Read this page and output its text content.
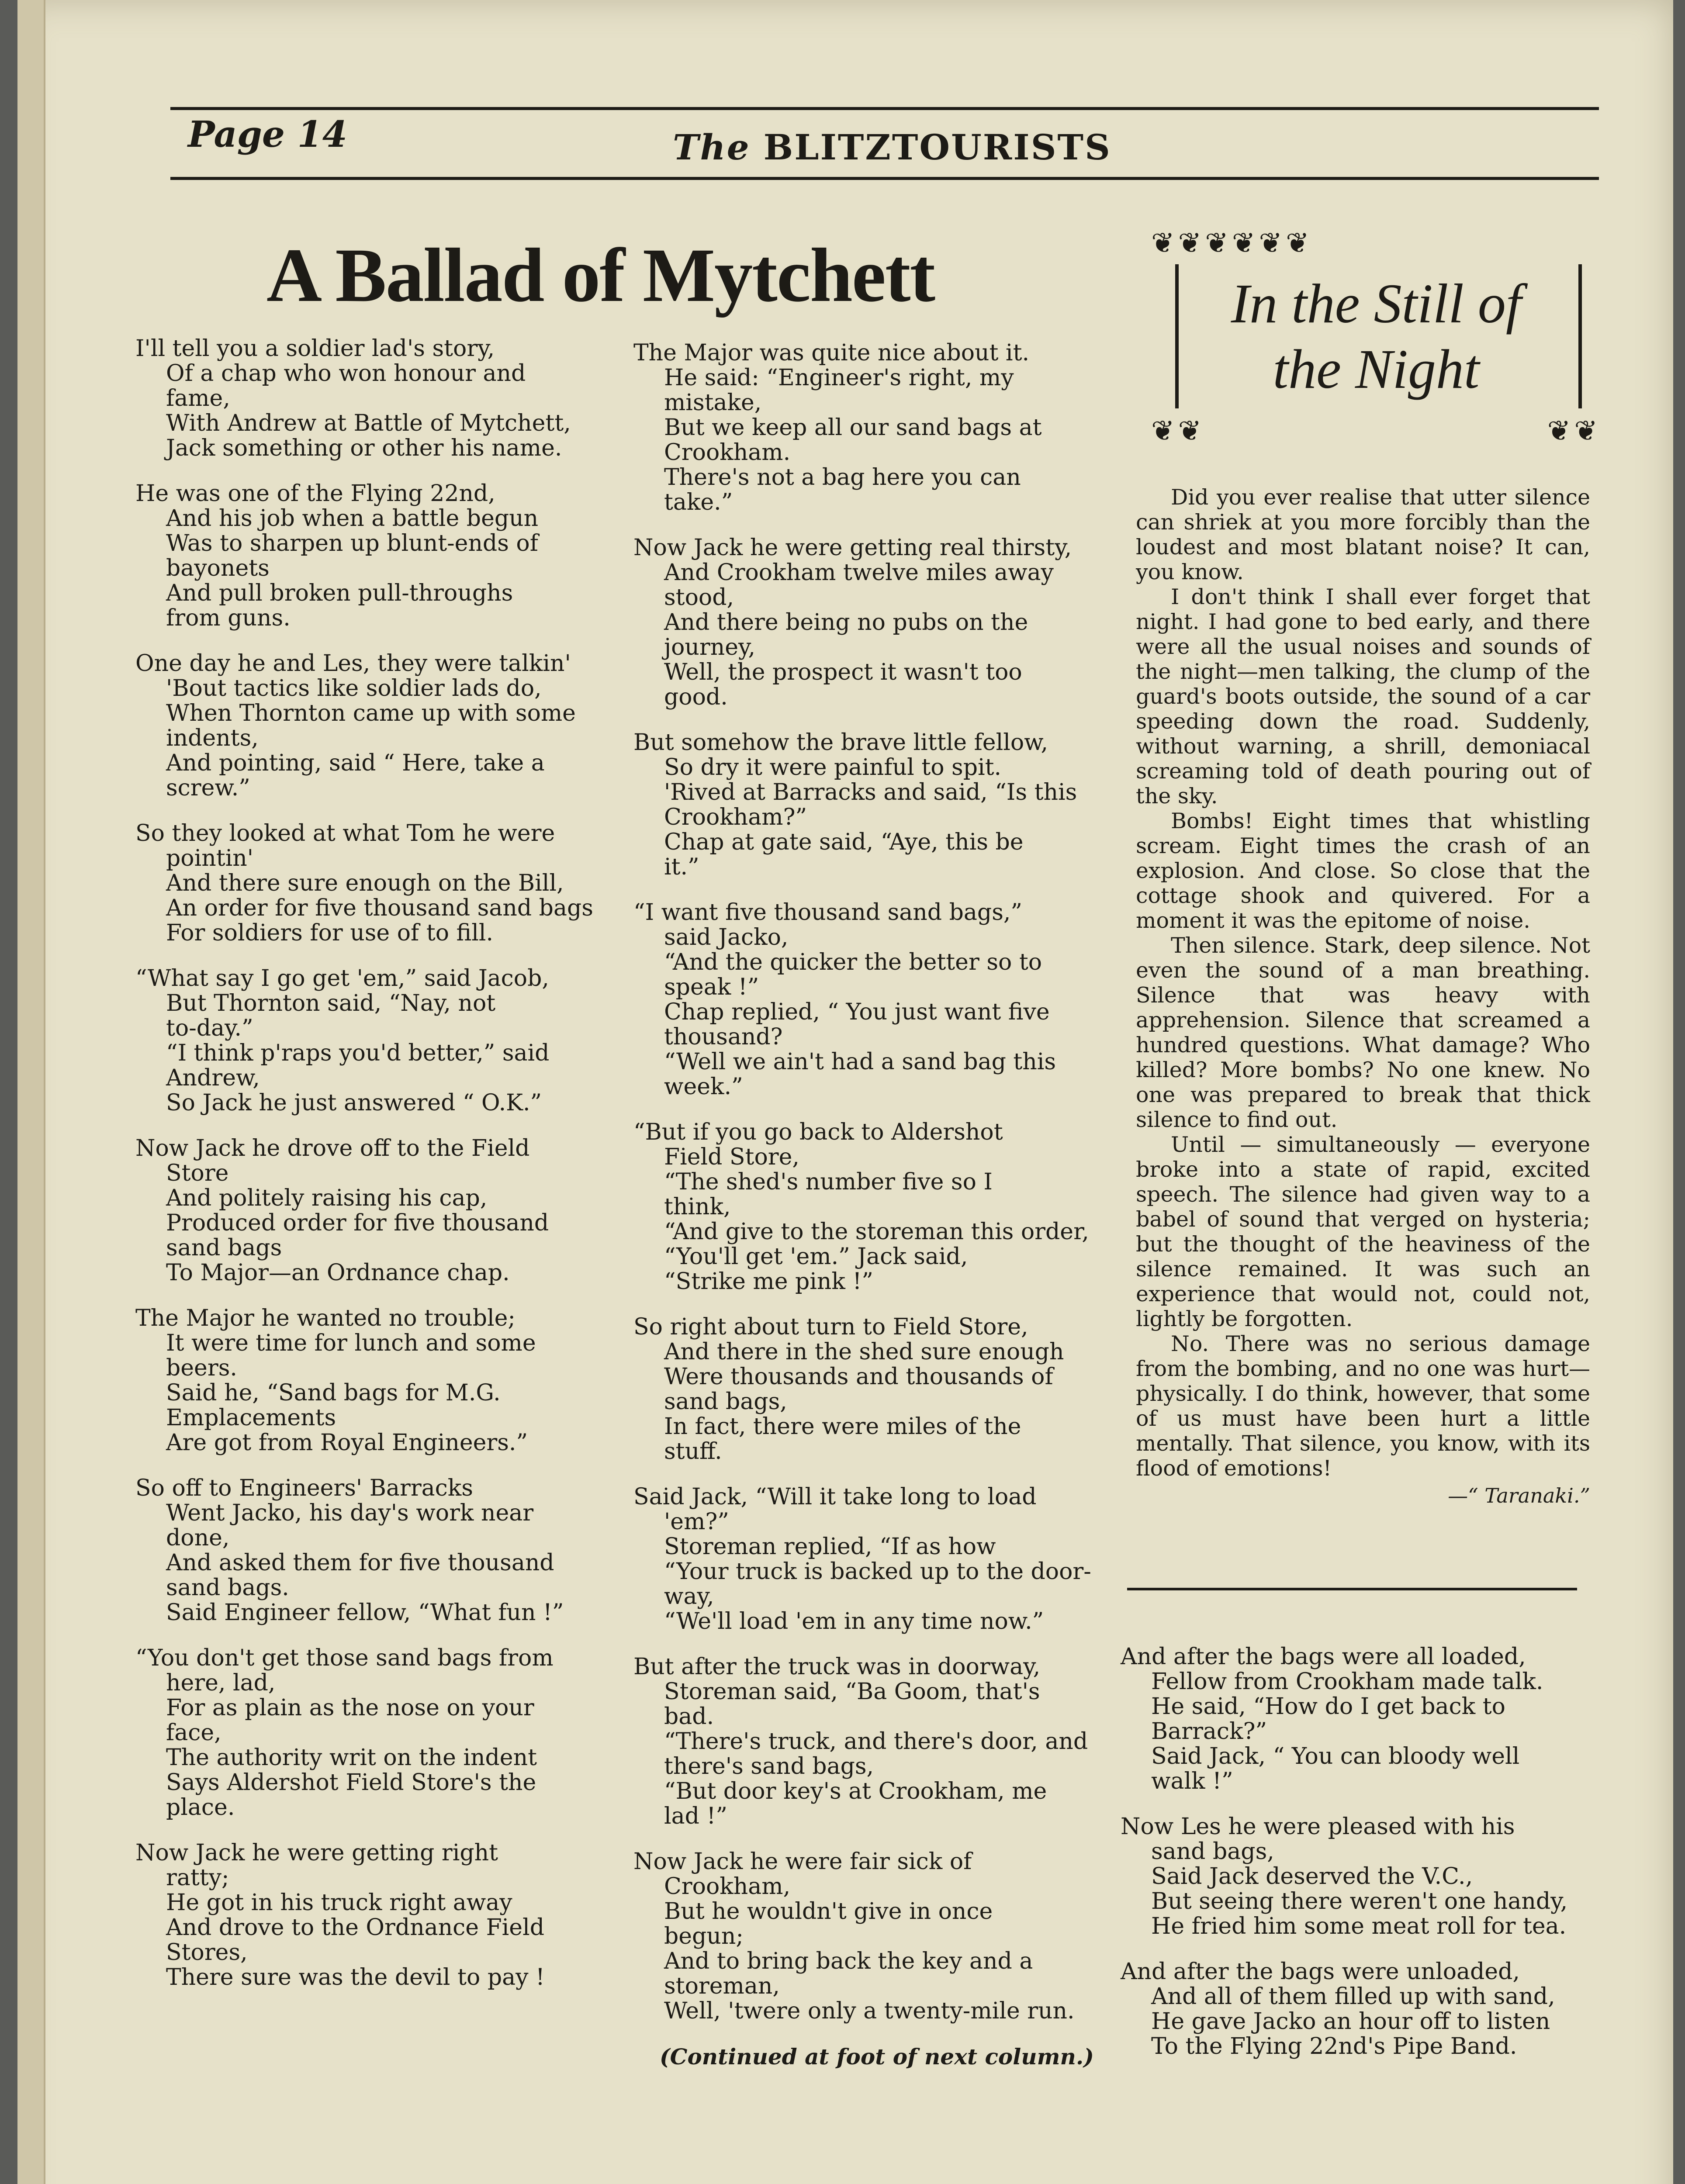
Page 14	The BLITZTOURISTS
A Ballad of Mytchett
I'll tell you a soldier lad's story,
Of a chap who won honour and
fame,
With Andrew at Battle of Mytchett,
Jack something or other his name.
He was one of the Flying 22nd,
And his job when a battle begun
Was to sharpen up blunt-ends of
bayonets
And pull broken pull-throughs
from guns.
One day he and Les, they were talkin'
'Bout tactics like soldier lads do,
When Thornton came up with some
indents,
And pointing, said “ Here, take a
screw.”
So they looked at what Tom he were
pointin'
And there sure enough on the Bill,
An order for five thousand sand bags
For soldiers for use of to fill.
“What say I go get 'em,” said Jacob,
But Thornton said, “Nay, not
to-day.”
“I think p'raps you'd better,” said
Andrew,
So Jack he just answered “ O.K.”
Now Jack he drove off to the Field
Store
And politely raising his cap,
Produced order for five thousand
sand bags
To Major—an Ordnance chap.
The Major he wanted no trouble;
It were time for lunch and some
beers.
Said he, “Sand bags for M.G.
Emplacements
Are got from Royal Engineers.”
So off to Engineers' Barracks
Went Jacko, his day's work near
done,
And asked them for five thousand
sand bags.
Said Engineer fellow, “What fun !”
“You don't get those sand bags from
here, lad,
For as plain as the nose on your
face,
The authority writ on the indent
Says Aldershot Field Store's the
place.
Now Jack he were getting right
ratty;
He got in his truck right away
And drove to the Ordnance Field
Stores,
There sure was the devil to pay !
The Major was quite nice about it.
He said: “Engineer's right, my
mistake,
But we keep all our sand bags at
Crookham.
There's not a bag here you can
take.”
Now Jack he were getting real thirsty,
And Crookham twelve miles away
stood,
And there being no pubs on the
journey,
Well, the prospect it wasn't too
good.
But somehow the brave little fellow,
So dry it were painful to spit.
'Rived at Barracks and said, “Is this
Crookham?”
Chap at gate said, “Aye, this be
it.”
“I want five thousand sand bags,”
said Jacko,
“And the quicker the better so to
speak !”
Chap replied, “ You just want five
thousand?
“Well we ain't had a sand bag this
week.”
“But if you go back to Aldershot
Field Store,
“The shed's number five so I
think,
“And give to the storeman this order,
“You'll get 'em.” Jack said,
“Strike me pink !”
So right about turn to Field Store,
And there in the shed sure enough
Were thousands and thousands of
sand bags,
In fact, there were miles of the
stuff.
Said Jack, “Will it take long to load
'em?”
Storeman replied, “If as how
“Your truck is backed up to the door-
way,
“We'll load 'em in any time now.”
But after the truck was in doorway,
Storeman said, “Ba Goom, that's
bad.
“There's truck, and there's door, and
there's sand bags,
“But door key's at Crookham, me
lad !”
Now Jack he were fair sick of
Crookham,
But he wouldn't give in once
begun;
And to bring back the key and a
storeman,
Well, 'twere only a twenty-mile run.
(Continued at foot of next column.)
And after the bags were all loaded,
Fellow from Crookham made talk.
He said, “How do I get back to
Barrack?”
Said Jack, “ You can bloody well
walk !”
Now Les he were pleased with his
sand bags,
Said Jack deserved the V.C.,
But seeing there weren't one handy,
He fried him some meat roll for tea.
And after the bags were unloaded,
And all of them filled up with sand,
He gave Jacko an hour off to listen
To the Flying 22nd's Pipe Band.
❦❦❦❦❦❦
In the Still of
the Night
❦❦	❦❦

Did you ever realise that utter silence can shriek at you more forcibly than the loudest and most blatant noise? It can, you know.

I don't think I shall ever forget that night. I had gone to bed early, and there were all the usual noises and sounds of the night—men talking, the clump of the guard's boots outside, the sound of a car speeding down the road. Suddenly, without warning, a shrill, demoniacal screaming told of death pouring out of the sky.

Bombs! Eight times that whistling scream. Eight times the crash of an explosion. And close. So close that the cottage shook and quivered. For a moment it was the epitome of noise.

Then silence. Stark, deep silence. Not even the sound of a man breathing. Silence that was heavy with apprehension. Silence that screamed a hundred questions. What damage? Who killed? More bombs? No one knew. No one was prepared to break that thick silence to find out.

Until — simultaneously — everyone broke into a state of rapid, excited speech. The silence had given way to a babel of sound that verged on hysteria; but the thought of the heaviness of the silence remained. It was such an experience that would not, could not, lightly be forgotten.

No. There was no serious damage from the bombing, and no one was hurt—physically. I do think, however, that some of us must have been hurt a little mentally. That silence, you know, with its flood of emotions!

—“ Taranaki.”
